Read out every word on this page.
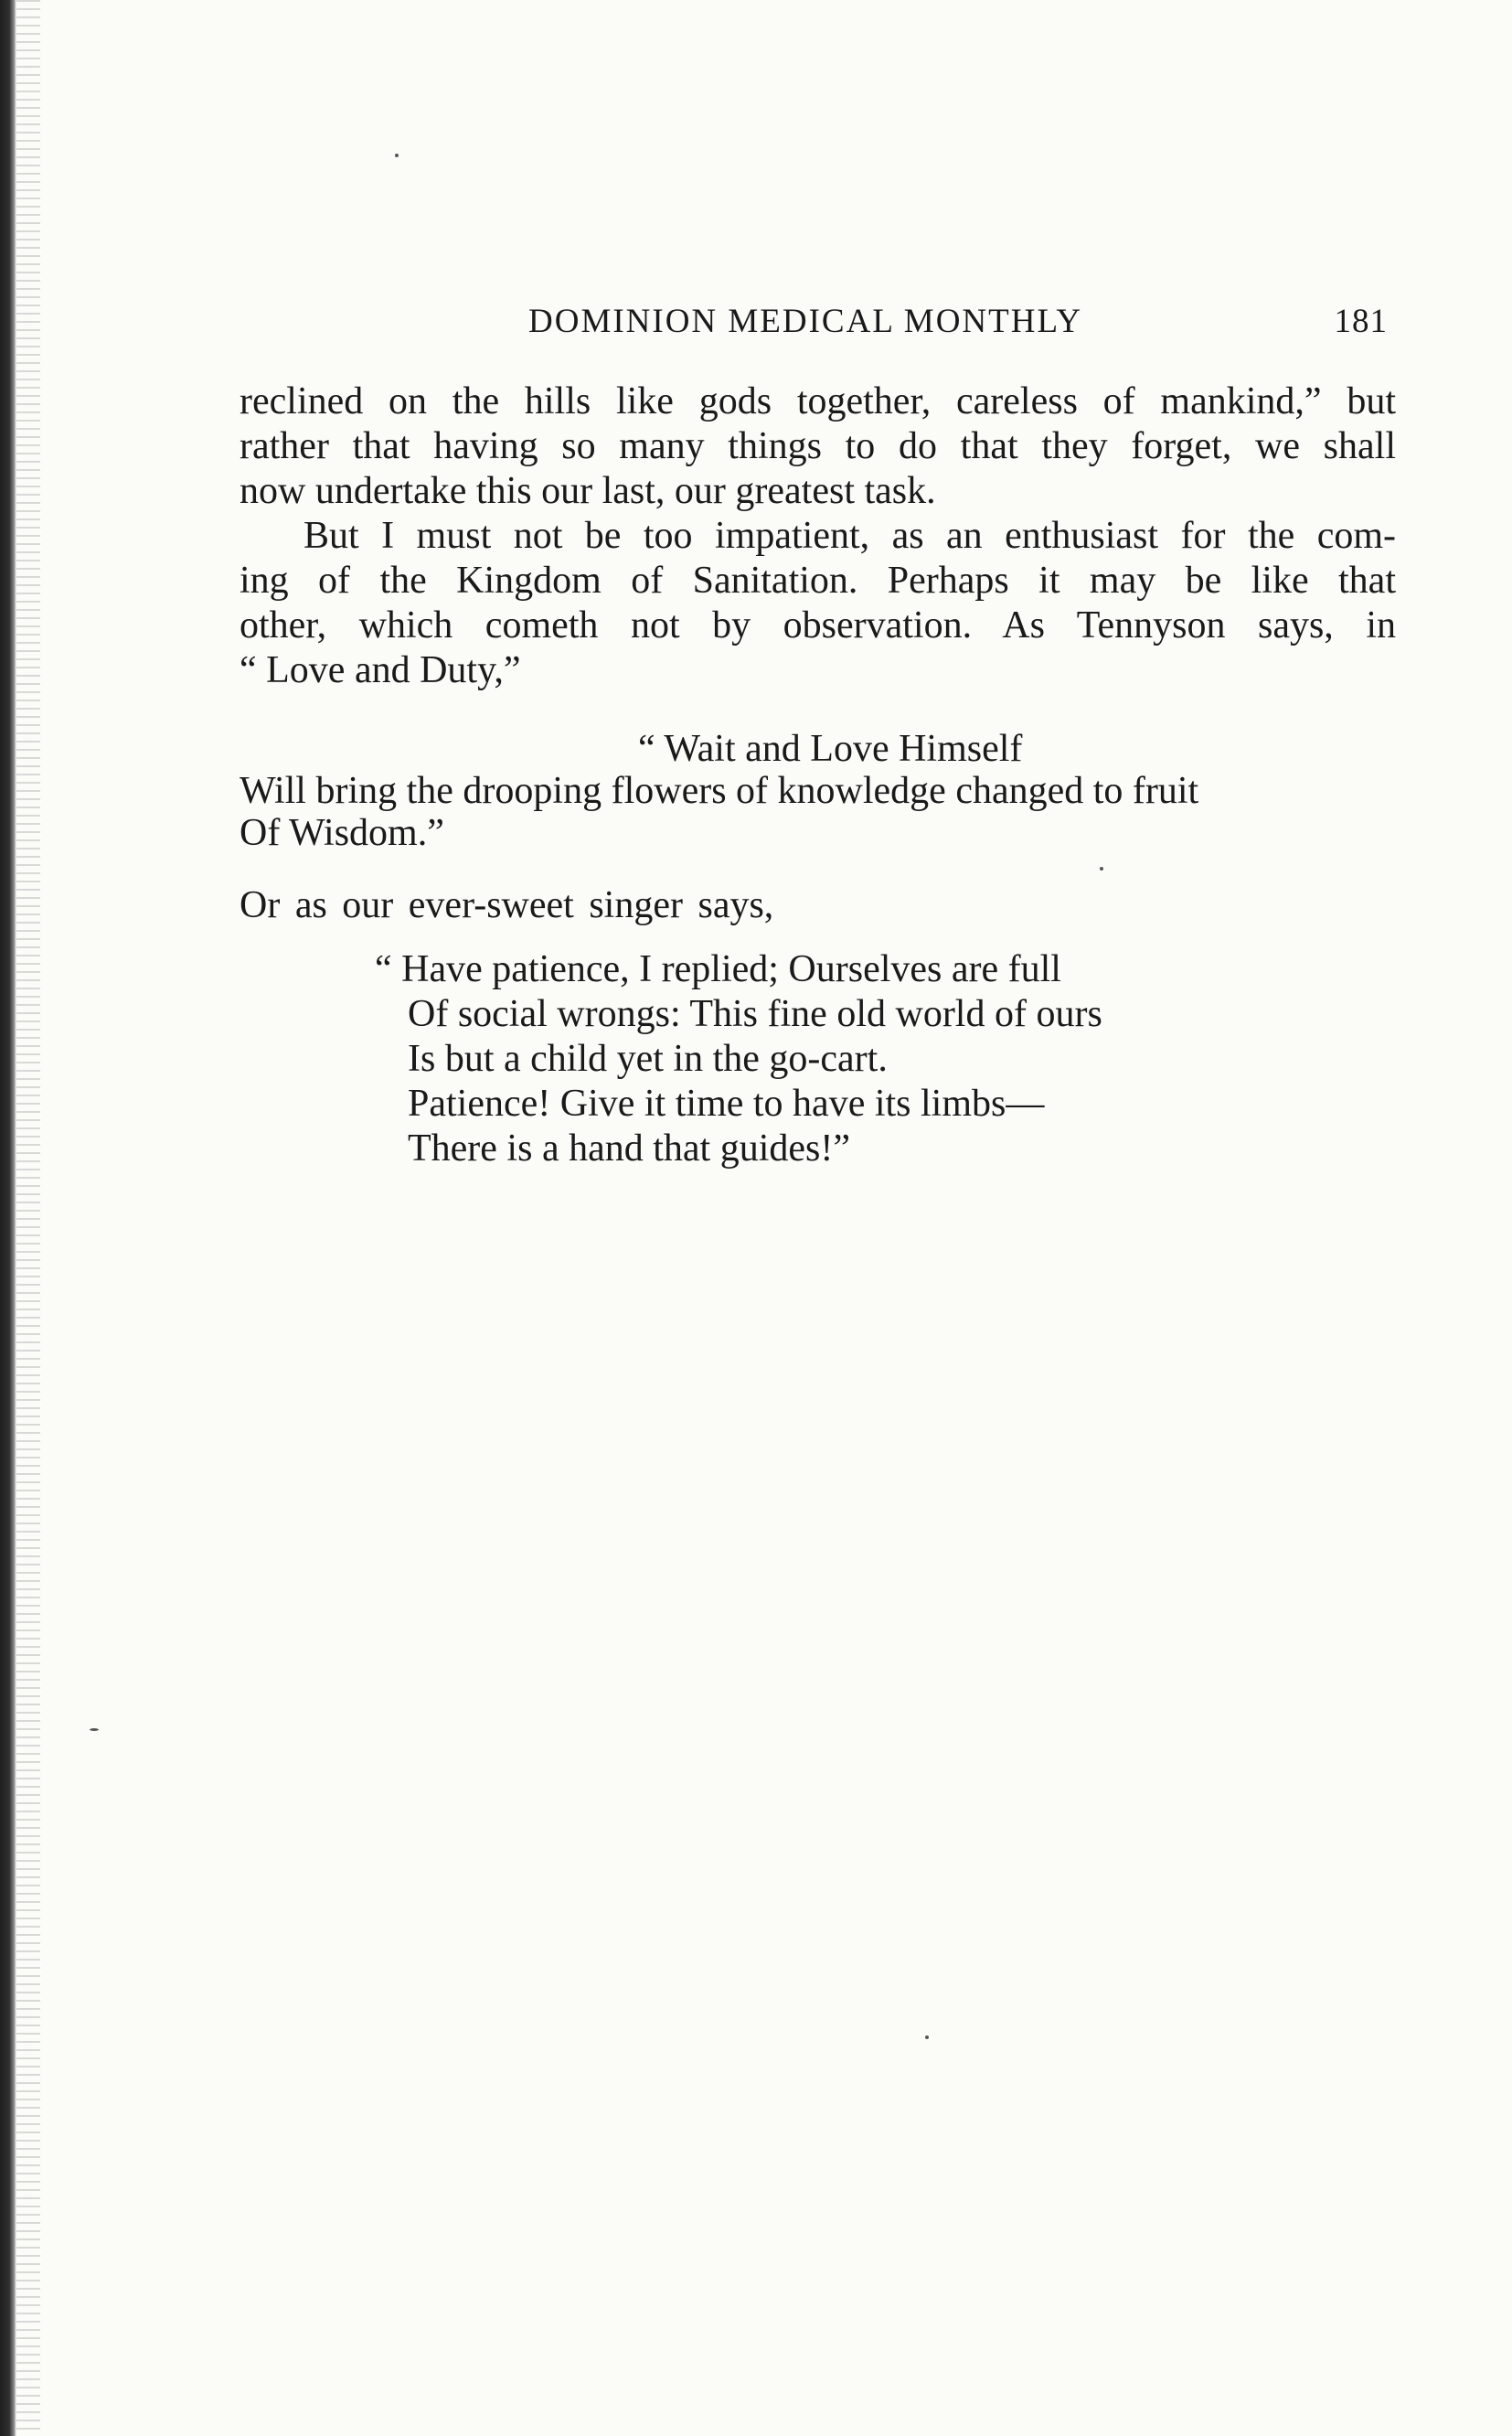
DOMINION MEDICAL MONTHLY	181
reclined on the hills like gods together, careless of mankind,” but
rather that having so many things to do that they forget, we shall
now undertake this our last, our greatest task.
But I must not be too impatient, as an enthusiast for the com-
ing of the Kingdom of Sanitation. Perhaps it may be like that
other, which cometh not by observation. As Tennyson says, in
“ Love and Duty,”
“ Wait and Love Himself
Will bring the drooping flowers of knowledge changed to fruit
Of Wisdom.”
Or as our ever-sweet singer says,
“ Have patience, I replied; Ourselves are full
Of social wrongs: This fine old world of ours
Is but a child yet in the go-cart.
Patience! Give it time to have its limbs—
There is a hand that guides!”
